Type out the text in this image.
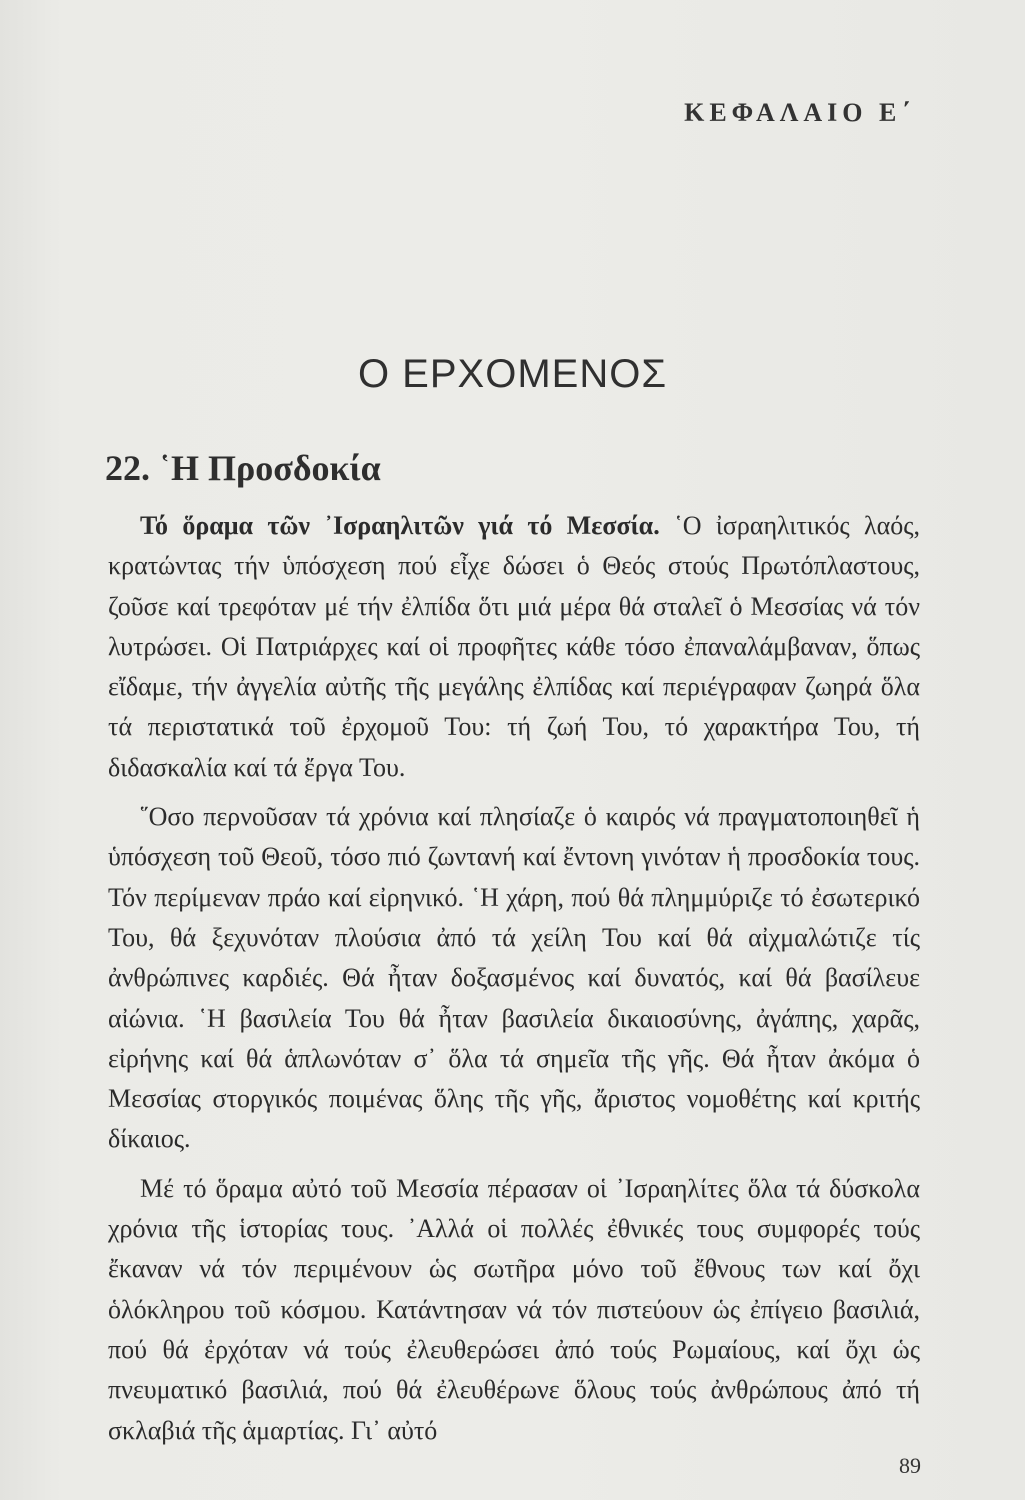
ΚΕΦΑΛΑΙΟ Ε΄
Ο ΕΡΧΟΜΕΝΟΣ
22. ῾Η Προσδοκία

Τό ὅραμα τῶν ᾽Ισραηλιτῶν γιά τό Μεσσία. ῾Ο ἰσραηλιτικός λαός, κρατώντας τήν ὑπόσχεση πού εἶχε δώσει ὁ Θεός στούς Πρωτόπλαστους, ζοῦσε καί τρεφόταν μέ τήν ἐλπίδα ὅτι μιά μέρα θά σταλεῖ ὁ Μεσσίας νά τόν λυτρώσει. Οἱ Πατριάρχες καί οἱ προφῆτες κάθε τόσο ἐπαναλάμβαναν, ὅπως εἴδαμε, τήν ἀγγελία αὐτῆς τῆς μεγάλης ἐλπίδας καί περιέγραφαν ζωηρά ὅλα τά περιστατικά τοῦ ἐρχομοῦ Του: τή ζωή Του, τό χαρακτήρα Του, τή διδασκαλία καί τά ἔργα Του.

῞Οσο περνοῦσαν τά χρόνια καί πλησίαζε ὁ καιρός νά πραγματοποιηθεῖ ἡ ὑπόσχεση τοῦ Θεοῦ, τόσο πιό ζωντανή καί ἔντονη γινόταν ἡ προσδοκία τους. Τόν περίμεναν πράο καί εἰρηνικό. ῾Η χάρη, πού θά πλημμύριζε τό ἐσωτερικό Του, θά ξεχυνόταν πλούσια ἀπό τά χείλη Του καί θά αἰχμαλώτιζε τίς ἀνθρώπινες καρδιές. Θά ἦταν δοξασμένος καί δυνατός, καί θά βασίλευε αἰώνια. ῾Η βασιλεία Του θά ἦταν βασιλεία δικαιοσύνης, ἀγάπης, χαρᾶς, εἰρήνης καί θά ἁπλωνόταν σ᾽ ὅλα τά σημεῖα τῆς γῆς. Θά ἦταν ἀκόμα ὁ Μεσσίας στοργικός ποιμένας ὅλης τῆς γῆς, ἄριστος νομοθέτης καί κριτής δίκαιος.

Μέ τό ὅραμα αὐτό τοῦ Μεσσία πέρασαν οἱ ᾽Ισραηλίτες ὅλα τά δύσκολα χρόνια τῆς ἱστορίας τους. ᾽Αλλά οἱ πολλές ἐθνικές τους συμφορές τούς ἔκαναν νά τόν περιμένουν ὡς σωτῆρα μόνο τοῦ ἔθνους των καί ὄχι ὁλόκληρου τοῦ κόσμου. Κατάντησαν νά τόν πιστεύουν ὡς ἐπίγειο βασιλιά, πού θά ἐρχόταν νά τούς ἐλευθερώσει ἀπό τούς Ρωμαίους, καί ὄχι ὡς πνευματικό βασιλιά, πού θά ἐλευθέρωνε ὅλους τούς ἀνθρώπους ἀπό τή σκλαβιά τῆς ἁμαρτίας. Γι᾽ αὐτό

89
